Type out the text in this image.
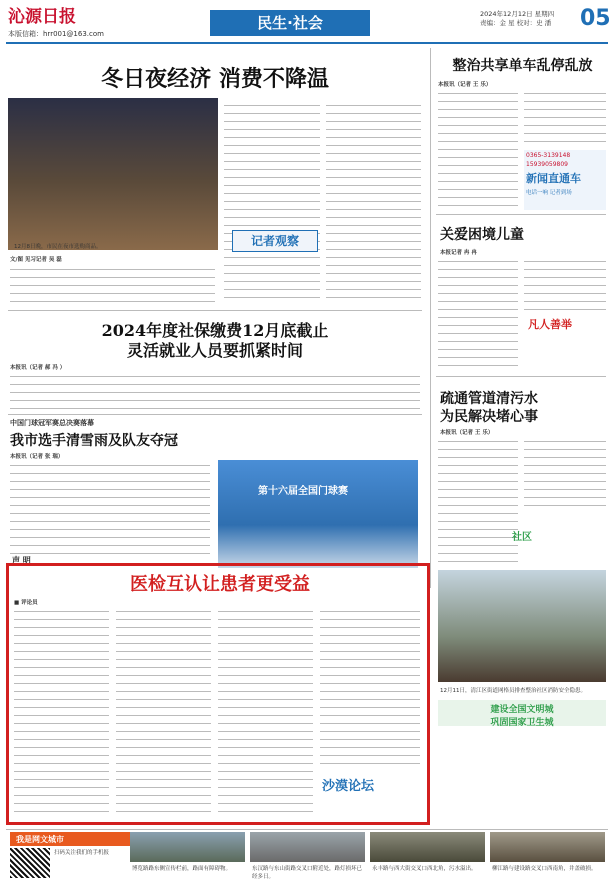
沁源日报
本版信箱：hrr001@163.com
民生·社会	2024年12月12日 星期四
责编：金 星 校对：史 潘 05
冬日夜经济 消费不降温
12月8日晚，市民在夜市选购商品。
文/图 见习记者 吴 磊
记者观察
2024年度社保缴费12月底截止
灵活就业人员要抓紧时间
本报讯（记者 郝 冯 ）
中国门球冠军赛总决赛落幕
我市选手清雪雨及队友夺冠
本报讯（记者 张 瑞）
第十六届全国门球赛
声 明
医检互认让患者更受益
■ 评论员
沙漠论坛
整治共享单车乱停乱放
本报讯（记者 王 乐）
0365-3139148
15939059809
新闻直通车
电话一响 记者到场
关爱困境儿童
本报记者 冉 冉
凡人善举
疏通管道清污水
为民解决堵心事
本报讯（记者 王 乐）
12月11日，清江区街道网格员排查整治社区消防安全隐患。
社区
建设全国文明城
巩固国家卫生城
我是网文城市
扫码关注我们的手机报
博览路路东侧宣传栏前，路面有障碍物。	东汉路与东山街路交叉口附近处，路灯损坏已经多日。
永丰路与西大街交叉口西北角，污水溢出。	柳江路与建设路交叉口西南角，井盖破损。
